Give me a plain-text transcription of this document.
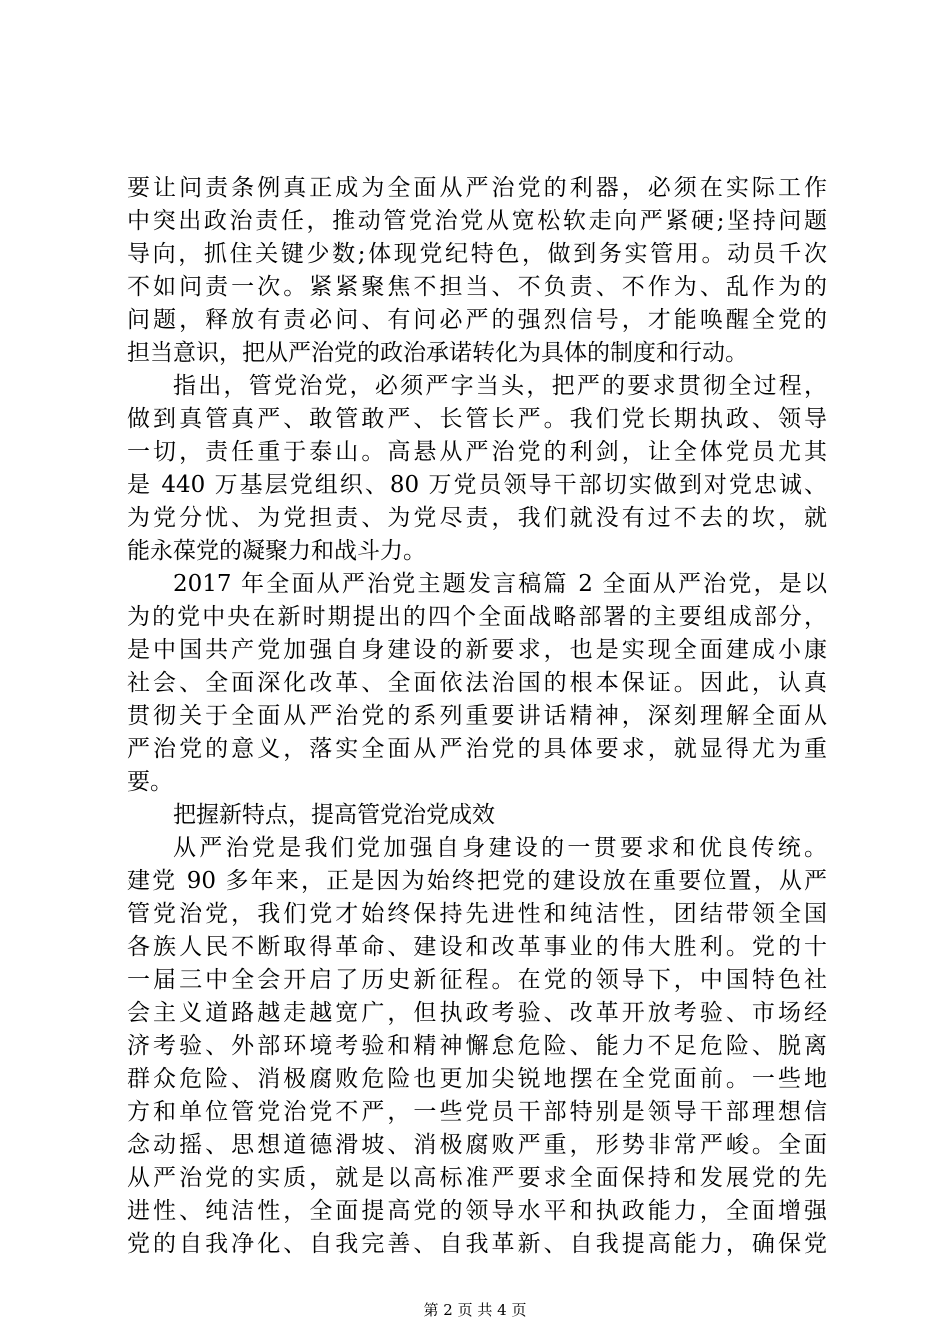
要让问责条例真正成为全面从严治党的利器，必须在实际工作
中突出政治责任，推动管党治党从宽松软走向严紧硬;坚持问题
导向，抓住关键少数;体现党纪特色，做到务实管用。动员千次
不如问责一次。紧紧聚焦不担当、不负责、不作为、乱作为的
问题，释放有责必问、有问必严的强烈信号，才能唤醒全党的
担当意识，把从严治党的政治承诺转化为具体的制度和行动。
指出，管党治党，必须严字当头，把严的要求贯彻全过程，
做到真管真严、敢管敢严、长管长严。我们党长期执政、领导
一切，责任重于泰山。高悬从严治党的利剑，让全体党员尤其
是 440 万基层党组织、80 万党员领导干部切实做到对党忠诚、
为党分忧、为党担责、为党尽责，我们就没有过不去的坎，就
能永葆党的凝聚力和战斗力。
2017 年全面从严治党主题发言稿篇 2 全面从严治党，是以
为的党中央在新时期提出的四个全面战略部署的主要组成部分，
是中国共产党加强自身建设的新要求，也是实现全面建成小康
社会、全面深化改革、全面依法治国的根本保证。因此，认真
贯彻关于全面从严治党的系列重要讲话精神，深刻理解全面从
严治党的意义，落实全面从严治党的具体要求，就显得尤为重
要。
把握新特点，提高管党治党成效
从严治党是我们党加强自身建设的一贯要求和优良传统。
建党 90 多年来，正是因为始终把党的建设放在重要位置，从严
管党治党，我们党才始终保持先进性和纯洁性，团结带领全国
各族人民不断取得革命、建设和改革事业的伟大胜利。党的十
一届三中全会开启了历史新征程。在党的领导下，中国特色社
会主义道路越走越宽广，但执政考验、改革开放考验、市场经
济考验、外部环境考验和精神懈怠危险、能力不足危险、脱离
群众危险、消极腐败危险也更加尖锐地摆在全党面前。一些地
方和单位管党治党不严，一些党员干部特别是领导干部理想信
念动摇、思想道德滑坡、消极腐败严重，形势非常严峻。全面
从严治党的实质，就是以高标准严要求全面保持和发展党的先
进性、纯洁性，全面提高党的领导水平和执政能力，全面增强
党的自我净化、自我完善、自我革新、自我提高能力，确保党
第 2 页 共 4 页
